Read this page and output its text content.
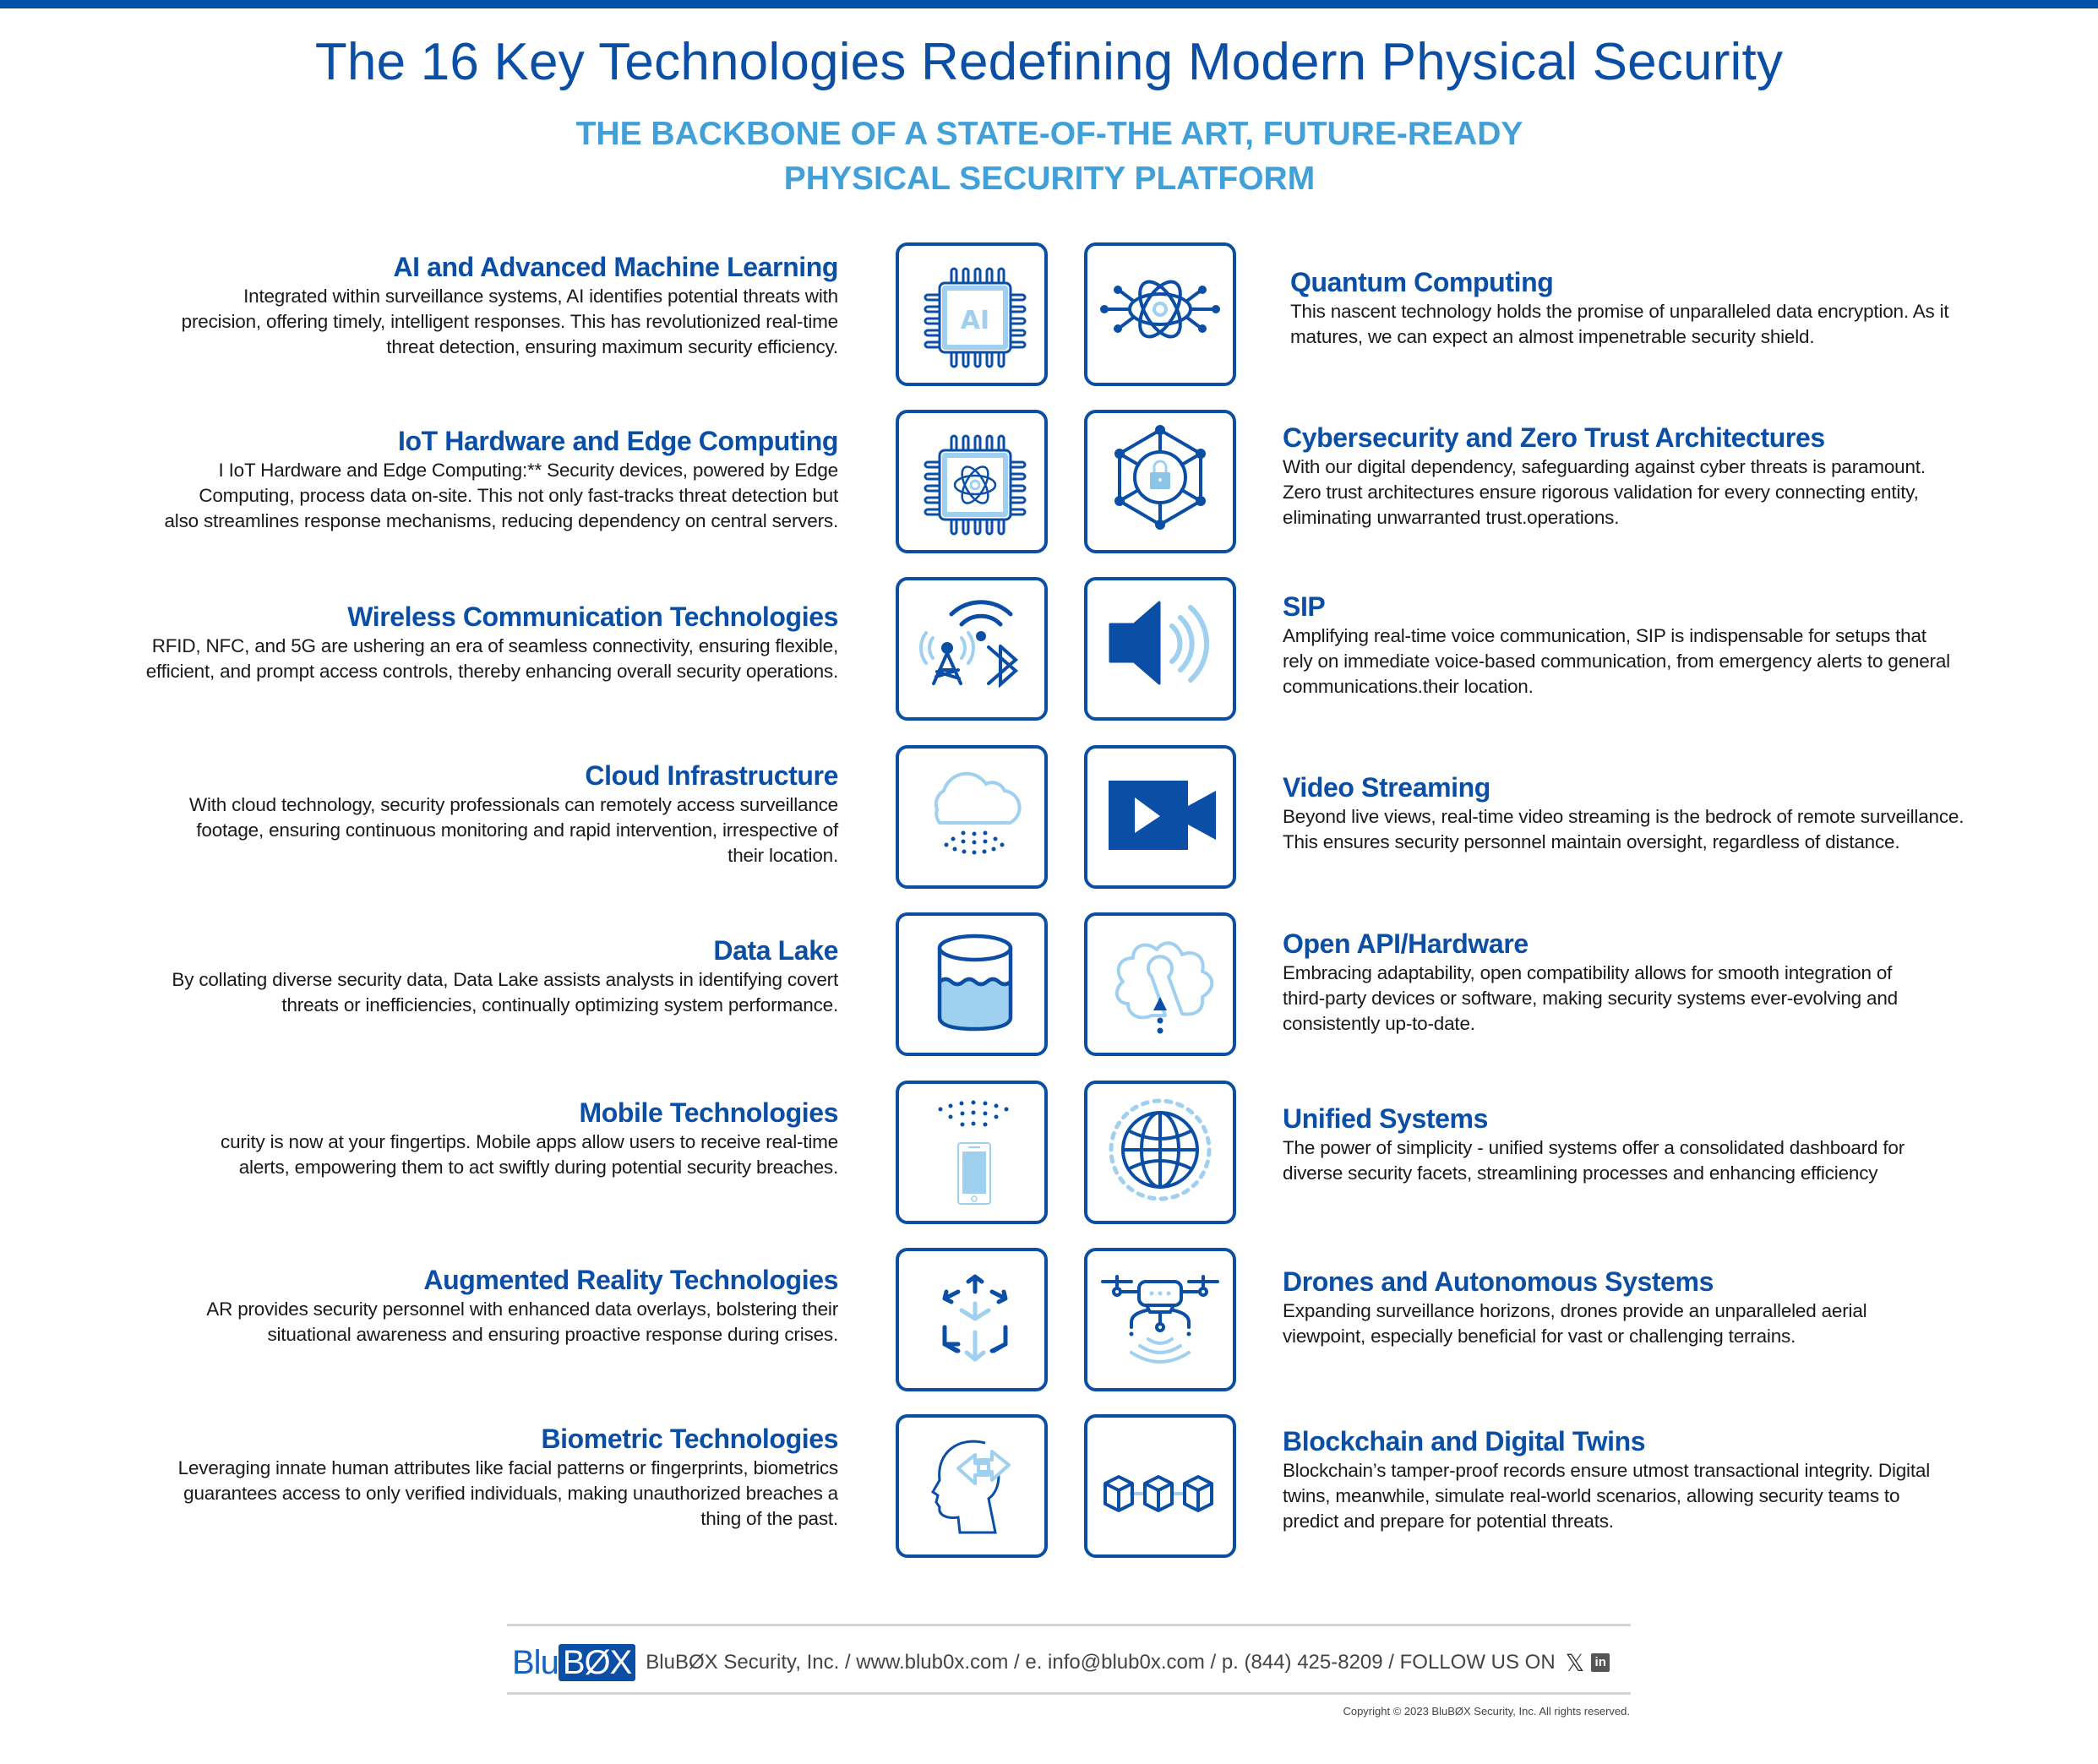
The 16 Key Technologies Redefining Modern Physical Security
THE BACKBONE OF A STATE-OF-THE ART, FUTURE-READY
PHYSICAL SECURITY PLATFORM
AI and Advanced Machine Learning

Integrated within surveillance systems, AI identifies potential threats with

precision, offering timely, intelligent responses. This has revolutionized real-time

threat detection, ensuring maximum security efficiency.

IoT Hardware and Edge Computing

I IoT Hardware and Edge Computing:** Security devices, powered by Edge

Computing, process data on-site. This not only fast-tracks threat detection but

also streamlines response mechanisms, reducing dependency on central servers.

Wireless Communication Technologies

RFID, NFC, and 5G are ushering an era of seamless connectivity, ensuring flexible,

efficient, and prompt access controls, thereby enhancing overall security operations.

Cloud Infrastructure

With cloud technology, security professionals can remotely access surveillance

footage, ensuring continuous monitoring and rapid intervention, irrespective of

their location.

Data Lake

By collating diverse security data, Data Lake assists analysts in identifying covert

threats or inefficiencies, continually optimizing system performance.

Mobile Technologies

curity is now at your fingertips. Mobile apps allow users to receive real-time

alerts, empowering them to act swiftly during potential security breaches.

Augmented Reality Technologies

AR provides security personnel with enhanced data overlays, bolstering their

situational awareness and ensuring proactive response during crises.

Biometric Technologies

Leveraging innate human attributes like facial patterns or fingerprints, biometrics

guarantees access to only verified individuals, making unauthorized breaches a

thing of the past.

Quantum Computing

This nascent technology holds the promise of unparalleled data encryption. As it

matures, we can expect an almost impenetrable security shield.

Cybersecurity and Zero Trust Architectures

With our digital dependency, safeguarding against cyber threats is paramount.

Zero trust architectures ensure rigorous validation for every connecting entity,

eliminating unwarranted trust.operations.

SIP

Amplifying real-time voice communication, SIP is indispensable for setups that

rely on immediate voice-based communication, from emergency alerts to general

communications.their location.

Video Streaming

Beyond live views, real-time video streaming is the bedrock of remote surveillance.

This ensures security personnel maintain oversight, regardless of distance.

Open API/Hardware

Embracing adaptability, open compatibility allows for smooth integration of

third-party devices or software, making security systems ever-evolving and

consistently up-to-date.

Unified Systems

The power of simplicity - unified systems offer a consolidated dashboard for

diverse security facets, streamlining processes and enhancing efficiency

Drones and Autonomous Systems

Expanding surveillance horizons, drones provide an unparalleled aerial

viewpoint, especially beneficial for vast or challenging terrains.

Blockchain and Digital Twins

Blockchain’s tamper-proof records ensure utmost transactional integrity. Digital

twins, meanwhile, simulate real-world scenarios, allowing security teams to

predict and prepare for potential threats.

AI
Blu BØX BluBØX Security, Inc. / www.blub0x.com / e. info@blub0x.com / p. (844) 425-8209 / FOLLOW US ON 𝕏 in
Copyright © 2023 BluBØX Security, Inc. All rights reserved.
